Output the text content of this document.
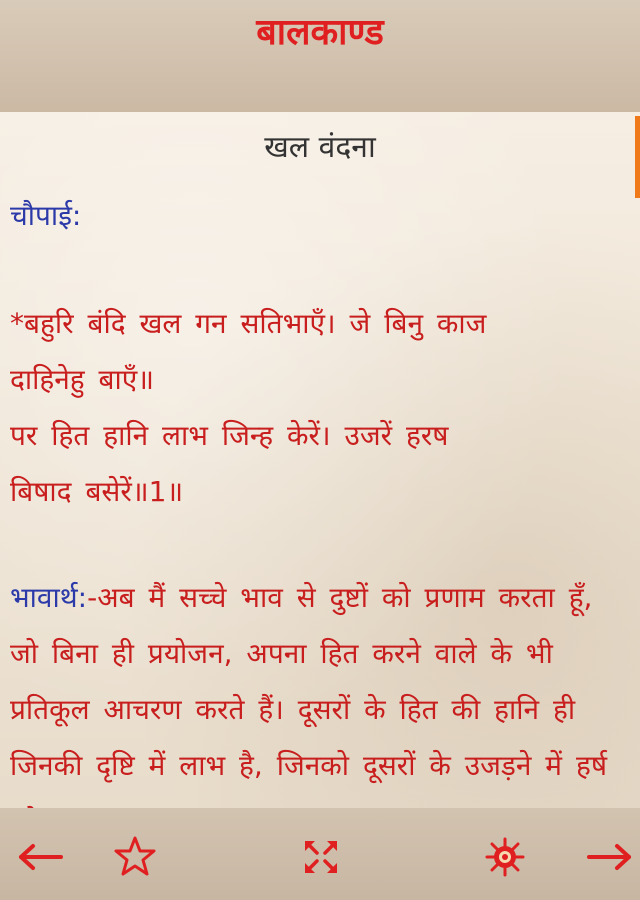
बालकाण्ड
खल वंदना
चौपाई:

*बहुरि बंदि खल गन सतिभाएँ। जे बिनु काज
दाहिनेहु बाएँ॥
पर हित हानि लाभ जिन्ह केरें। उजरें हरष
बिषाद बसेरें॥1॥

भावार्थ:-अब मैं सच्चे भाव से दुष्टों को प्रणाम करता हूँ, जो बिना ही प्रयोजन, अपना हित करने वाले के भी प्रतिकूल आचरण करते हैं। दूसरों के हित की हानि ही जिनकी दृष्टि में लाभ है, जिनको दूसरों के उजड़ने में हर्ष
